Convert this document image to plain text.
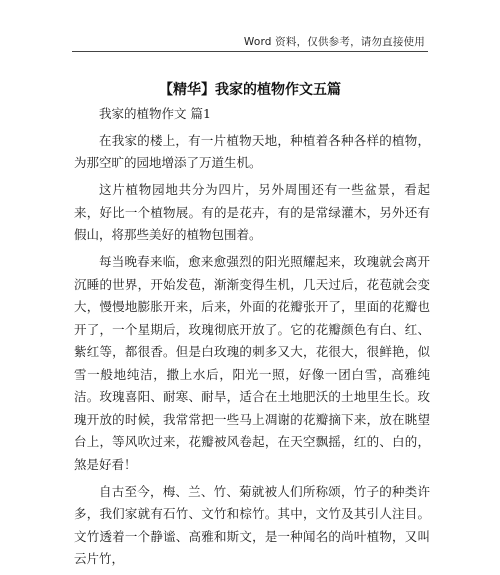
Word 资料，仅供参考，请勿直接使用
【精华】我家的植物作文五篇

我家的植物作文 篇1

在我家的楼上，有一片植物天地，种植着各种各样的植物，为那空旷的园地增添了万道生机。

这片植物园地共分为四片，另外周围还有一些盆景，看起来，好比一个植物展。有的是花卉，有的是常绿灌木，另外还有假山，将那些美好的植物包围着。

每当晚春来临，愈来愈强烈的阳光照耀起来，玫瑰就会离开沉睡的世界，开始发苞，渐渐变得生机，几天过后，花苞就会变大，慢慢地膨胀开来，后来，外面的花瓣张开了，里面的花瓣也开了，一个星期后，玫瑰彻底开放了。它的花瓣颜色有白、红、紫红等，都很香。但是白玫瑰的刺多又大，花很大，很鲜艳，似雪一般地纯洁，撒上水后，阳光一照，好像一团白雪，高雅纯洁。玫瑰喜阳、耐寒、耐旱，适合在土地肥沃的土地里生长。玫瑰开放的时候，我常常把一些马上凋谢的花瓣摘下来，放在眺望台上，等风吹过来，花瓣被风卷起，在天空飘摇，红的、白的，煞是好看！

自古至今，梅、兰、竹、菊就被人们所称颂，竹子的种类许多，我们家就有石竹、文竹和棕竹。其中，文竹及其引人注目。文竹透着一个静谧、高雅和斯文，是一种闻名的尚叶植物，又叫云片竹，
